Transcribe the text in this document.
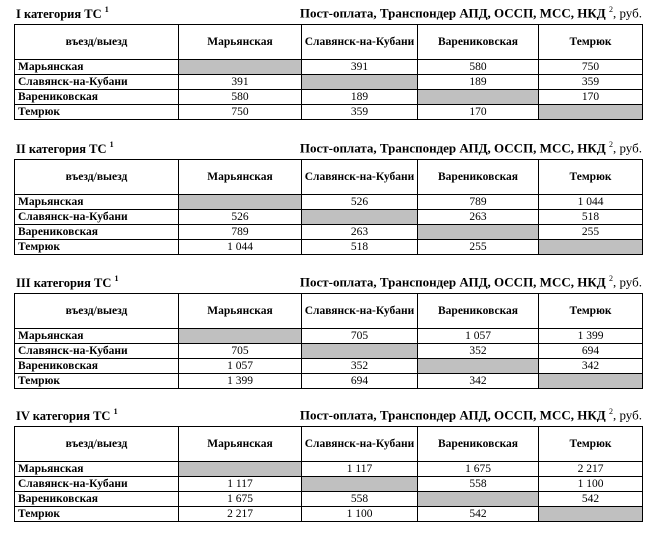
I категория ТС $^1$	Пост-оплата, Транспондер АПД, ОССП, МСС, НКД $^2$, руб.
въезд/выезд	Марьянская	Славянск-на-Кубани	Варениковская	Темрюк
Марьянская		391	580	750
Славянск-на-Кубани	391		189	359
Варениковская	580	189		170
Темрюк	750	359	170	
II категория ТС $^1$	Пост-оплата, Транспондер АПД, ОССП, МСС, НКД $^2$, руб.
въезд/выезд	Марьянская	Славянск-на-Кубани	Варениковская	Темрюк
Марьянская		526	789	1 044
Славянск-на-Кубани	526		263	518
Варениковская	789	263		255
Темрюк	1 044	518	255	
III категория ТС $^1$	Пост-оплата, Транспондер АПД, ОССП, МСС, НКД $^2$, руб.
въезд/выезд	Марьянская	Славянск-на-Кубани	Варениковская	Темрюк
Марьянская		705	1 057	1 399
Славянск-на-Кубани	705		352	694
Варениковская	1 057	352		342
Темрюк	1 399	694	342	
IV категория ТС $^1$	Пост-оплата, Транспондер АПД, ОССП, МСС, НКД $^2$, руб.
въезд/выезд	Марьянская	Славянск-на-Кубани	Варениковская	Темрюк
Марьянская		1 117	1 675	2 217
Славянск-на-Кубани	1 117		558	1 100
Варениковская	1 675	558		542
Темрюк	2 217	1 100	542	
